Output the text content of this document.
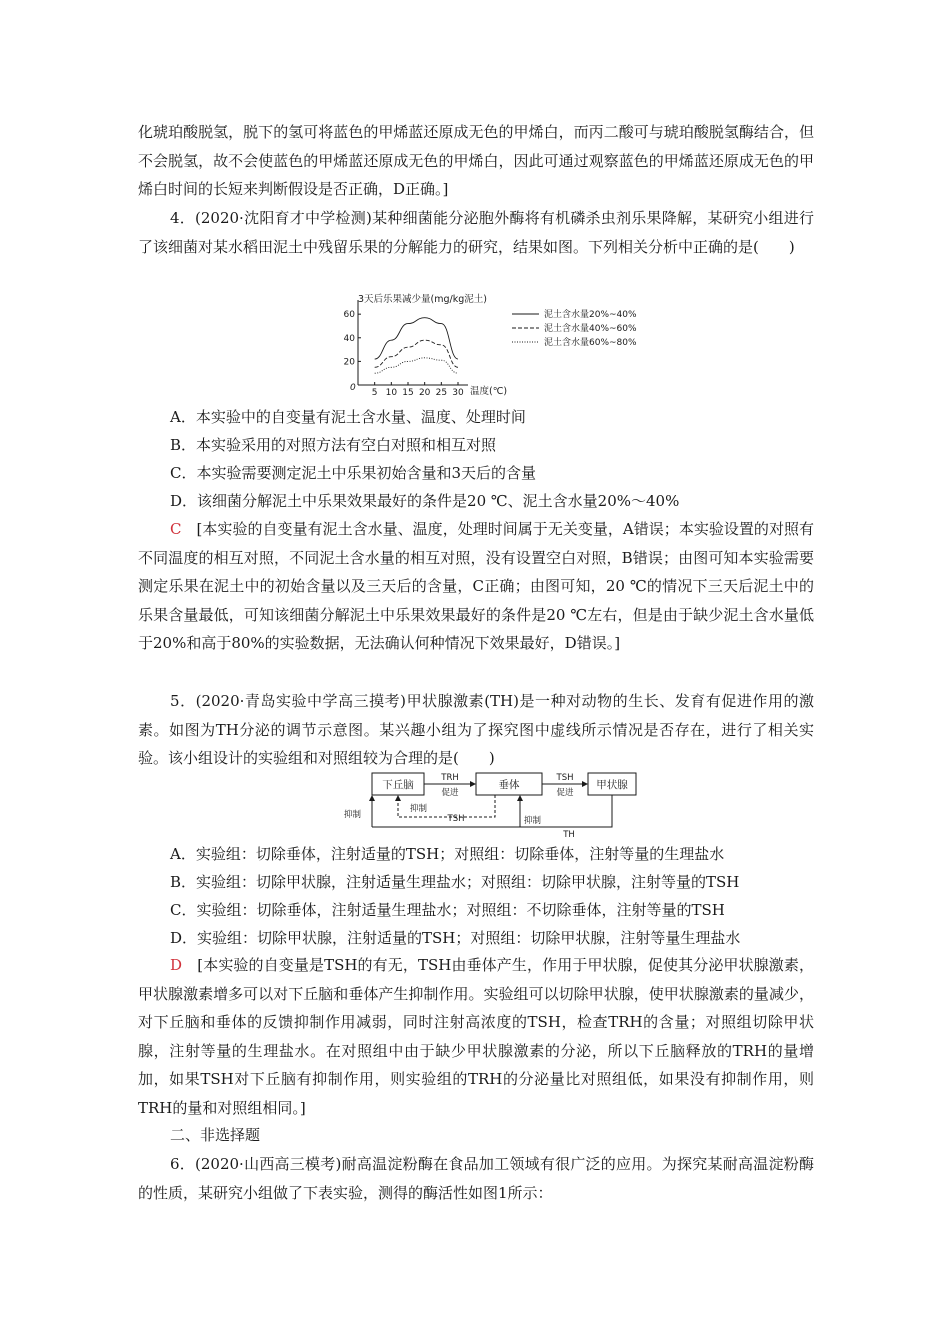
化琥珀酸脱氢，脱下的氢可将蓝色的甲烯蓝还原成无色的甲烯白，而丙二酸可与琥珀酸脱氢酶结合，但不会脱氢，故不会使蓝色的甲烯蓝还原成无色的甲烯白，因此可通过观察蓝色的甲烯蓝还原成无色的甲烯白时间的长短来判断假设是否正确，D正确。]

4．(2020·沈阳育才中学检测)某种细菌能分泌胞外酶将有机磷杀虫剂乐果降解，某研究小组进行了该细菌对某水稻田泥土中残留乐果的分解能力的研究，结果如图。下列相关分析中正确的是(　　)

3天后乐果减少量(mg/kg泥土)
0
20
40
60
5 10 15 20 25 30 温度(℃)
泥土含水量20%~40%
泥土含水量40%~60%
泥土含水量60%~80%
A．本实验中的自变量有泥土含水量、温度、处理时间
B．本实验采用的对照方法有空白对照和相互对照
C．本实验需要测定泥土中乐果初始含量和3天后的含量
D．该细菌分解泥土中乐果效果最好的条件是20 ℃、泥土含水量20%～40%

C　 [本实验的自变量有泥土含水量、温度，处理时间属于无关变量，A错误；本实验设置的对照有不同温度的相互对照，不同泥土含水量的相互对照，没有设置空白对照，B错误；由图可知本实验需要测定乐果在泥土中的初始含量以及三天后的含量，C正确；由图可知，20 ℃的情况下三天后泥土中的乐果含量最低，可知该细菌分解泥土中乐果效果最好的条件是20 ℃左右，但是由于缺少泥土含水量低于20%和高于80%的实验数据，无法确认何种情况下效果最好，D错误。]

5．(2020·青岛实验中学高三摸考)甲状腺激素(TH)是一种对动物的生长、发育有促进作用的激素。如图为TH分泌的调节示意图。某兴趣小组为了探究图中虚线所示情况是否存在，进行了相关实验。该小组设计的实验组和对照组较为合理的是(　　)

下丘脑	垂体	甲状腺
TRH
促进
TSH
促进
抑制
抑制
TSH	抑制
TH
A．实验组：切除垂体，注射适量的TSH；对照组：切除垂体，注射等量的生理盐水
B．实验组：切除甲状腺，注射适量生理盐水；对照组：切除甲状腺，注射等量的TSH
C．实验组：切除垂体，注射适量生理盐水；对照组：不切除垂体，注射等量的TSH
D．实验组：切除甲状腺，注射适量的TSH；对照组：切除甲状腺，注射等量生理盐水

D　 [本实验的自变量是TSH的有无，TSH由垂体产生，作用于甲状腺，促使其分泌甲状腺激素，甲状腺激素增多可以对下丘脑和垂体产生抑制作用。实验组可以切除甲状腺，使甲状腺激素的量减少，对下丘脑和垂体的反馈抑制作用减弱，同时注射高浓度的TSH，检查TRH的含量；对照组切除甲状腺，注射等量的生理盐水。在对照组中由于缺少甲状腺激素的分泌，所以下丘脑释放的TRH的量增加，如果TSH对下丘脑有抑制作用，则实验组的TRH的分泌量比对照组低，如果没有抑制作用，则TRH的量和对照组相同。]

二、非选择题

6．(2020·山西高三模考)耐高温淀粉酶在食品加工领域有很广泛的应用。为探究某耐高温淀粉酶的性质，某研究小组做了下表实验，测得的酶活性如图1所示：
